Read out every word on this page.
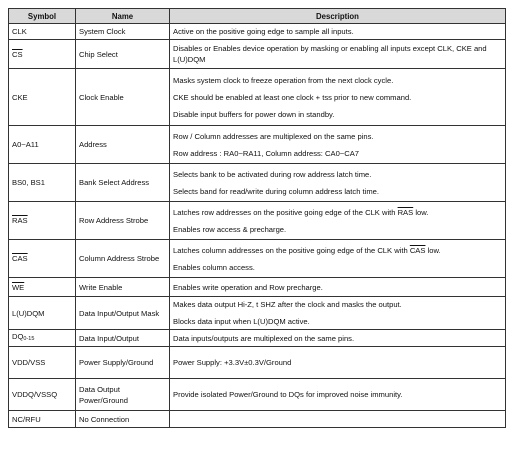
Symbol	Name	Description
CLK	System Clock	Active on the positive going edge to sample all inputs.

$\overline{CS}$	Chip Select	Disables or Enables device operation by masking or enabling all inputs except CLK, CKE and L(U)DQM

CKE	Clock Enable	Masks system clock to freeze operation from the next clock cycle.
CKE should be enabled at least one clock + tss prior to new command.
Disable input buffers for power down in standby.

A0~A11	Address	Row / Column addresses are multiplexed on the same pins.
Row address : RA0~RA11, Column address: CA0~CA7

BS0, BS1	Bank Select Address	Selects bank to be activated during row address latch time.
Selects band for read/write during column address latch time.

$\overline{RAS}$	Row Address Strobe	Latches row addresses on the positive going edge of the CLK with $\overline{RAS}$ low.
Enables row access & precharge.

$\overline{CAS}$	Column Address Strobe	Latches column addresses on the positive going edge of the CLK with $\overline{CAS}$ low.
Enables column access.

$\overline{WE}$	Write Enable	Enables write operation and Row precharge.

L(U)DQM	Data Input/Output Mask	Makes data output Hi-Z, t SHZ after the clock and masks the output.
Blocks data input when L(U)DQM active.

DQ0-15	Data Input/Output	Data inputs/outputs are multiplexed on the same pins.

VDD/VSS	Power Supply/Ground	Power Supply: +3.3V±0.3V/Ground

VDDQ/VSSQ	Data Output Power/Ground	Provide isolated Power/Ground to DQs for improved noise immunity.

NC/RFU	No Connection	
